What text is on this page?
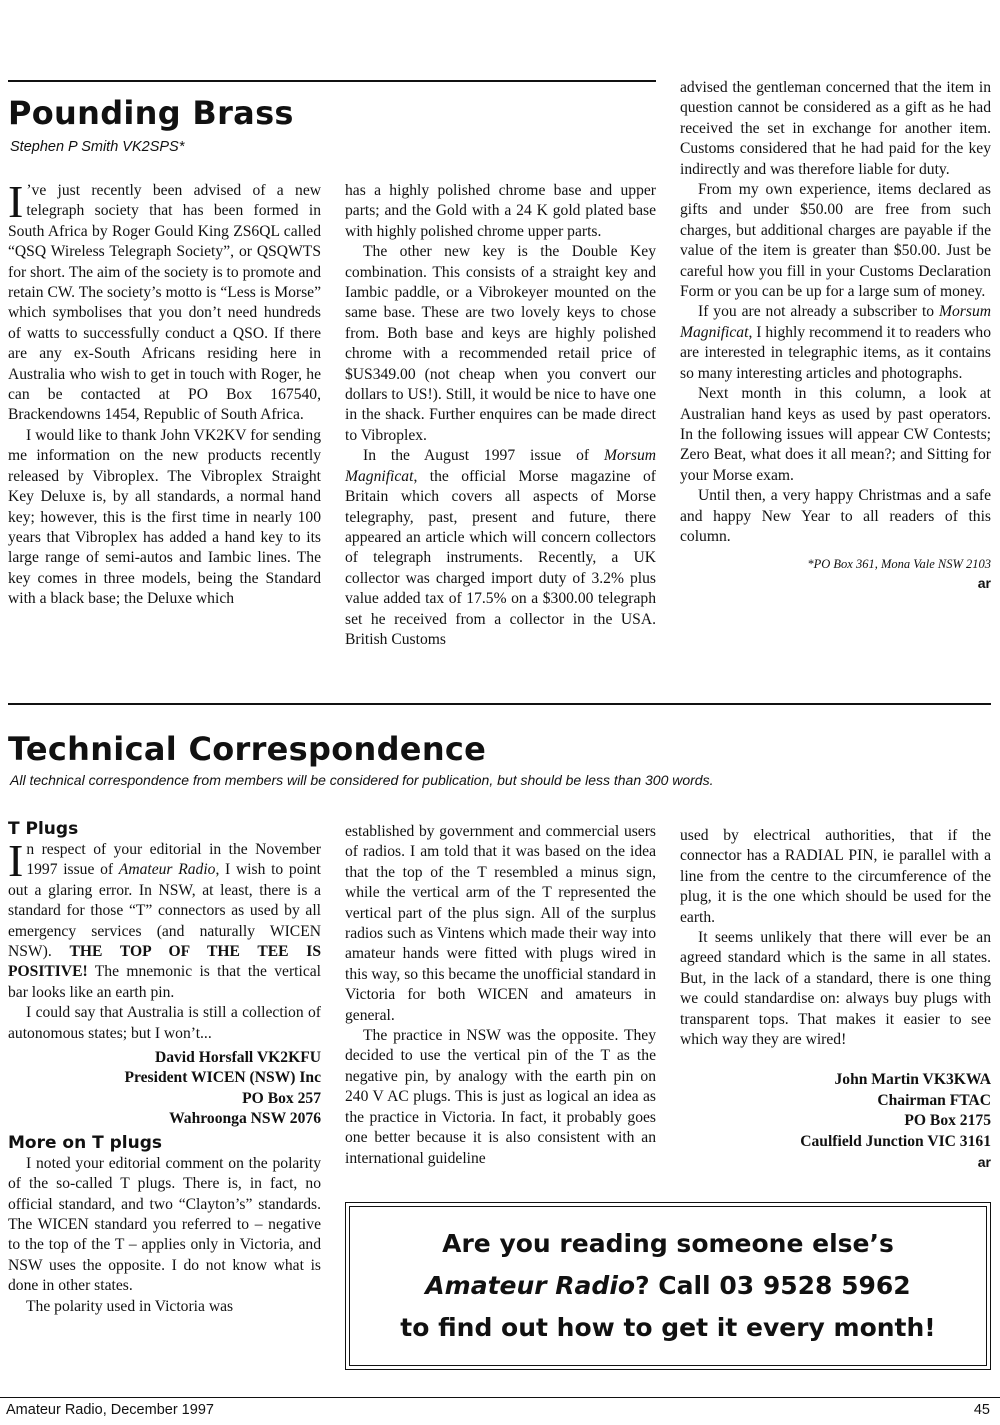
Pounding Brass
Stephen P Smith VK2SPS*

I ’ve just recently been advised of a new telegraph society that has been formed in South Africa by Roger Gould King ZS6QL called “QSQ Wireless Telegraph Society”, or QSQWTS for short. The aim of the society is to promote and retain CW. The society’s motto is “Less is Morse” which symbolises that you don’t need hundreds of watts to successfully conduct a QSO. If there are any ex-South Africans residing here in Australia who wish to get in touch with Roger, he can be contacted at PO Box 167540, Brackendowns 1454, Republic of South Africa.

I would like to thank John VK2KV for sending me information on the new products recently released by Vibroplex. The Vibroplex Straight Key Deluxe is, by all standards, a normal hand key; however, this is the first time in nearly 100 years that Vibroplex has added a hand key to its large range of semi-autos and Iambic lines. The key comes in three models, being the Standard with a black base; the Deluxe which

has a highly polished chrome base and upper parts; and the Gold with a 24 K gold plated base with highly polished chrome upper parts.

The other new key is the Double Key combination. This consists of a straight key and Iambic paddle, or a Vibrokeyer mounted on the same base. These are two lovely keys to chose from. Both base and keys are highly polished chrome with a recommended retail price of $US349.00 (not cheap when you convert our dollars to US!). Still, it would be nice to have one in the shack. Further enquires can be made direct to Vibroplex.

In the August 1997 issue of Morsum Magnificat, the official Morse magazine of Britain which covers all aspects of Morse telegraphy, past, present and future, there appeared an article which will concern collectors of telegraph instruments. Recently, a UK collector was charged import duty of 3.2% plus value added tax of 17.5% on a $300.00 telegraph set he received from a collector in the USA. British Customs

advised the gentleman concerned that the item in question cannot be considered as a gift as he had received the set in exchange for another item. Customs considered that he had paid for the key indirectly and was therefore liable for duty.

From my own experience, items declared as gifts and under $50.00 are free from such charges, but additional charges are payable if the value of the item is greater than $50.00. Just be careful how you fill in your Customs Declaration Form or you can be up for a large sum of money.

If you are not already a subscriber to Morsum Magnificat, I highly recommend it to readers who are interested in telegraphic items, as it contains so many interesting articles and photographs.

Next month in this column, a look at Australian hand keys as used by past operators. In the following issues will appear CW Contests; Zero Beat, what does it all mean?; and Sitting for your Morse exam.

Until then, a very happy Christmas and a safe and happy New Year to all readers of this column.

*PO Box 361, Mona Vale NSW 2103
ar
Technical Correspondence
All technical correspondence from members will be considered for publication, but should be less than 300 words.
T Plugs

In respect of your editorial in the November 1997 issue of Amateur Radio, I wish to point out a glaring error. In NSW, at least, there is a standard for those “T” connectors as used by all emergency services (and naturally WICEN NSW). THE TOP OF THE TEE IS POSITIVE! The mnemonic is that the vertical bar looks like an earth pin.

I could say that Australia is still a collection of autonomous states; but I won’t...

David Horsfall VK2KFU
President WICEN (NSW) Inc
PO Box 257
Wahroonga NSW 2076
More on T plugs

I noted your editorial comment on the polarity of the so-called T plugs. There is, in fact, no official standard, and two “Clayton’s” standards. The WICEN standard you referred to – negative to the top of the T – applies only in Victoria, and NSW uses the opposite. I do not know what is done in other states.

The polarity used in Victoria was

established by government and commercial users of radios. I am told that it was based on the idea that the top of the T resembled a minus sign, while the vertical arm of the T represented the vertical part of the plus sign. All of the surplus radios such as Vintens which made their way into amateur hands were fitted with plugs wired in this way, so this became the unofficial standard in Victoria for both WICEN and amateurs in general.

The practice in NSW was the opposite. They decided to use the vertical pin of the T as the negative pin, by analogy with the earth pin on 240 V AC plugs. This is just as logical an idea as the practice in Victoria. In fact, it probably goes one better because it is also consistent with an international guideline

used by electrical authorities, that if the connector has a RADIAL PIN, ie parallel with a line from the centre to the circumference of the plug, it is the one which should be used for the earth.

It seems unlikely that there will ever be an agreed standard which is the same in all states. But, in the lack of a standard, there is one thing we could standardise on: always buy plugs with transparent tops. That makes it easier to see which way they are wired!

John Martin VK3KWA
Chairman FTAC
PO Box 2175
Caulfield Junction VIC 3161
ar
Are you reading someone else’s
Amateur Radio? Call 03 9528 5962
to find out how to get it every month!
Amateur Radio, December 1997	45
